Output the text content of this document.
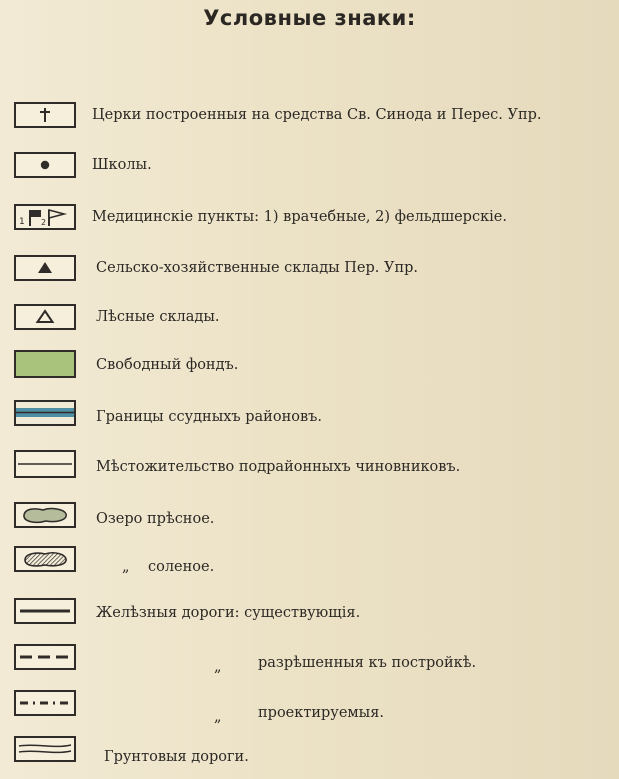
Условные знаки:
Церки построенныя на средства Св. Синода и Перес. Упр.
Школы.
1 2	Медицинскіе пункты: 1) врачебные, 2) фельдшерскіе.
Сельско-хозяйственные склады Пер. Упр.
Лѣсные склады.
Свободный фондъ.
Границы ссудныхъ районовъ.
Мѣстожительство подрайонныхъ чиновниковъ.
Озеро прѣсное.
„ соленое.
Желѣзныя дороги: существующія.
„	разрѣшенныя къ постройкѣ.
„	проектируемыя.
Грунтовыя дороги.
